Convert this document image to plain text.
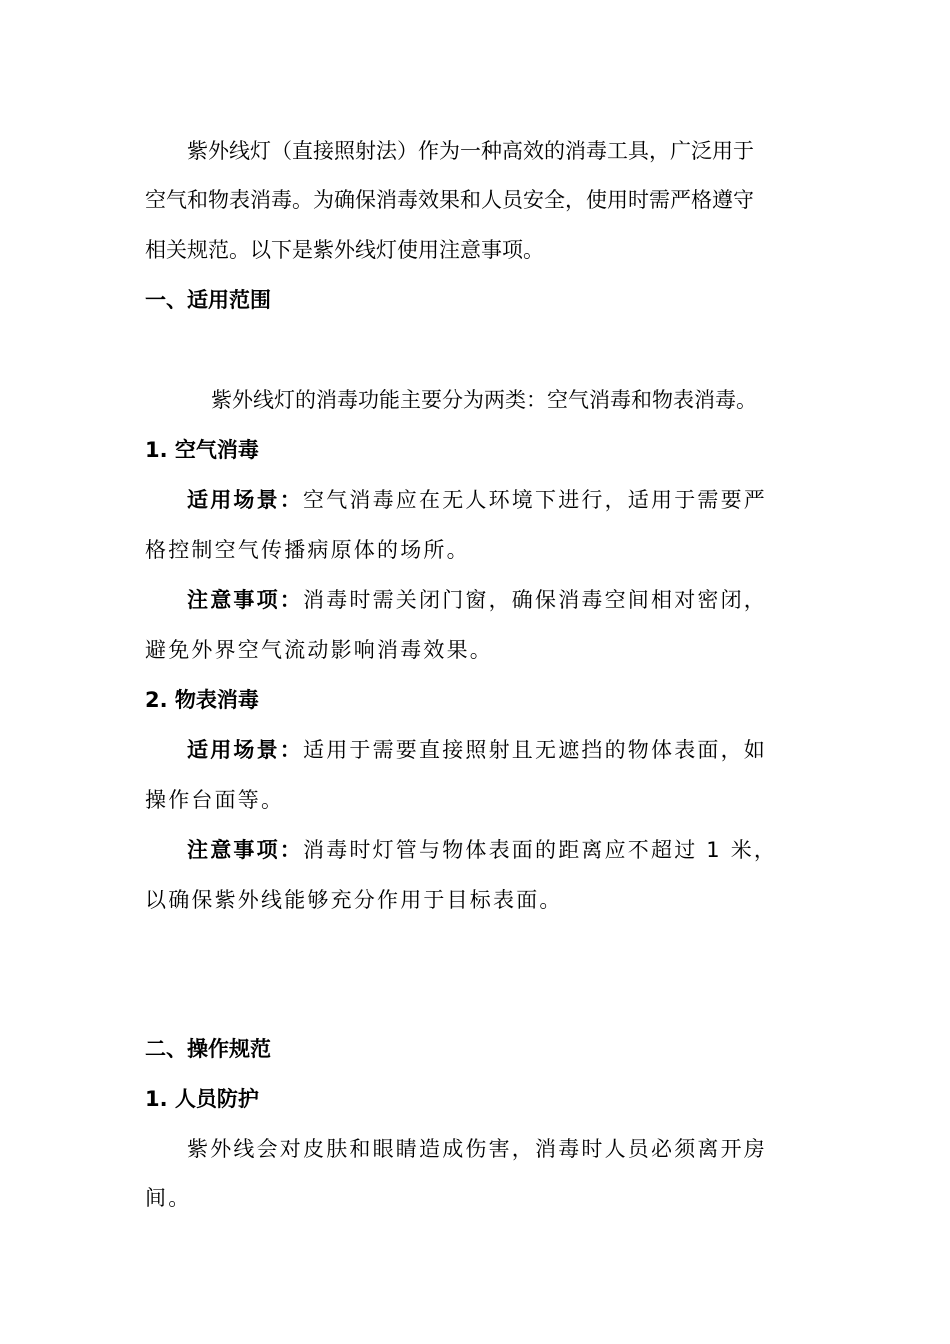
紫外线灯（直接照射法）作为一种高效的消毒工具，广泛用于
空气和物表消毒。为确保消毒效果和人员安全，使用时需严格遵守
相关规范。以下是紫外线灯使用注意事项。
一、适用范围
紫外线灯的消毒功能主要分为两类：空气消毒和物表消毒。
1. 空气消毒
适用场景：空气消毒应在无人环境下进行，适用于需要严
格控制空气传播病原体的场所。
注意事项：消毒时需关闭门窗，确保消毒空间相对密闭，
避免外界空气流动影响消毒效果。
2. 物表消毒
适用场景：适用于需要直接照射且无遮挡的物体表面，如
操作台面等。
注意事项：消毒时灯管与物体表面的距离应不超过 1 米，
以确保紫外线能够充分作用于目标表面。
二、操作规范
1. 人员防护
紫外线会对皮肤和眼睛造成伤害，消毒时人员必须离开房
间。
